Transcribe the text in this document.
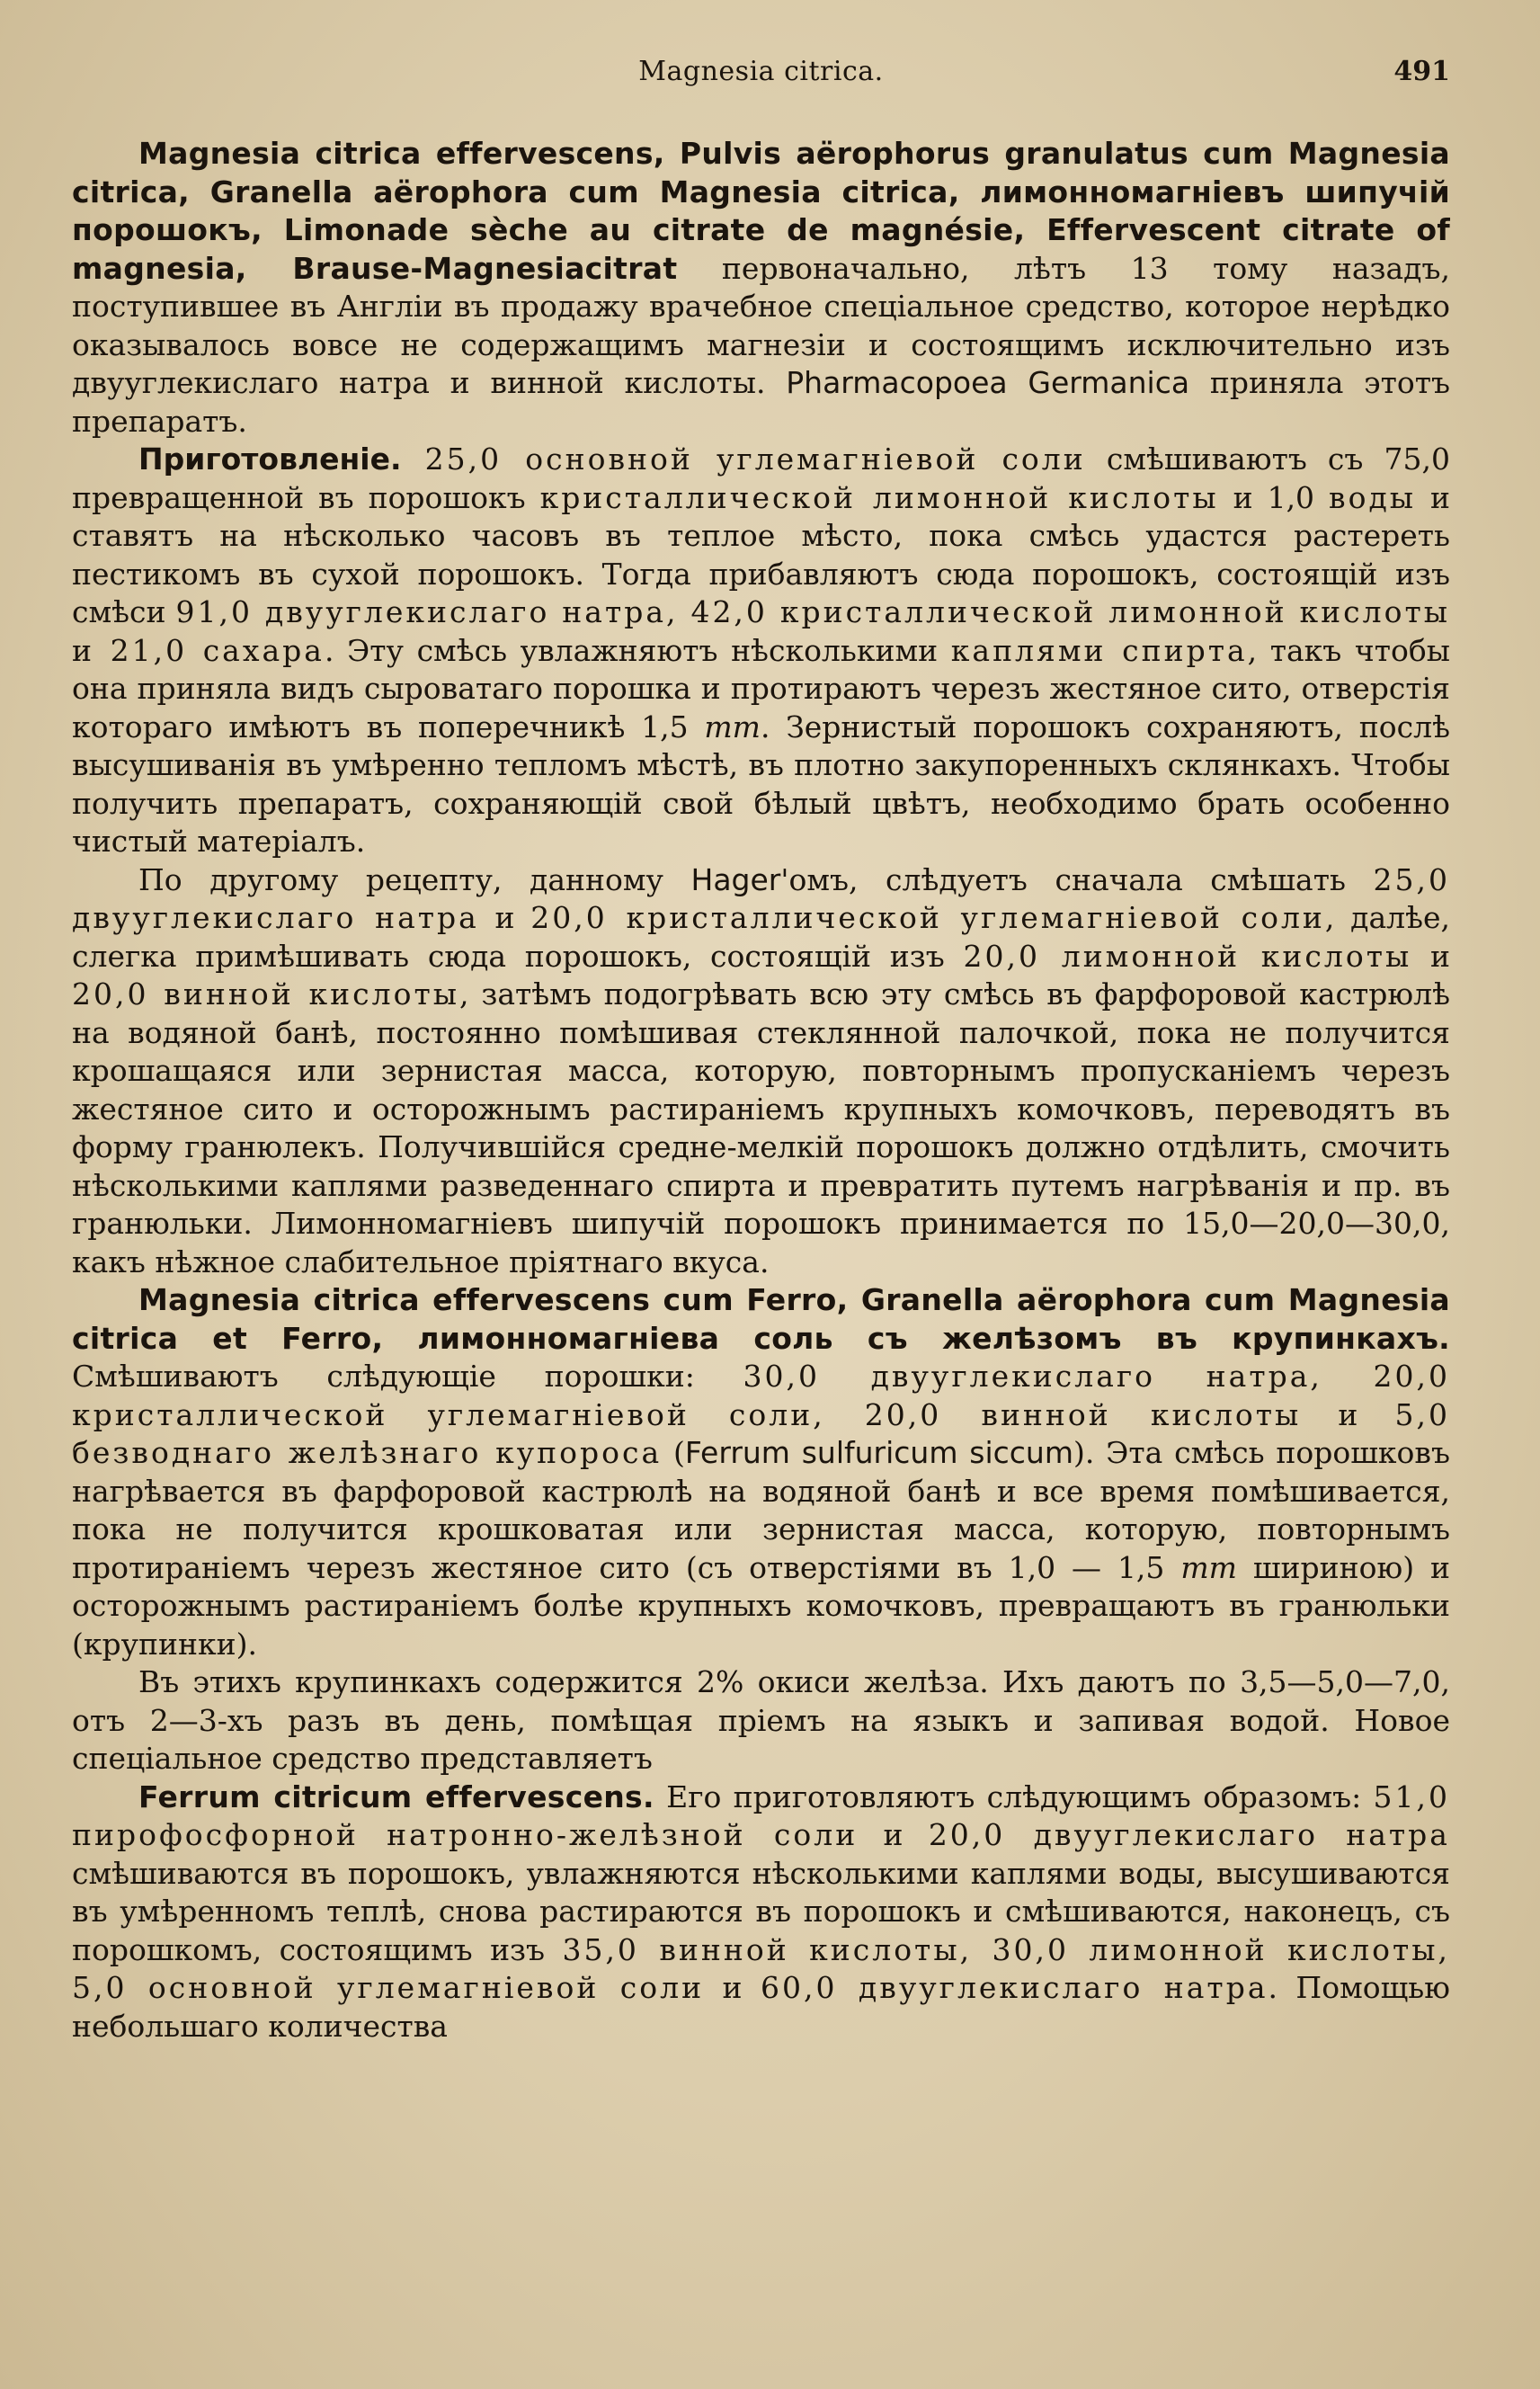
Magnesia citrica.	491

Magnesia citrica effervescens, Pulvis aërophorus granulatus cum Magnesia citrica, Granella aërophora cum Magnesia citrica, лимонномагнiевъ шипучiй порошокъ, Limonade sèche au citrate de magnésie, Effervescent citrate of magnesia, Brause-Magnesiacitrat первоначально, лѣтъ 13 тому назадъ, поступившее въ Англiи въ продажу врачебное спецiальное средство, которое нерѣдко оказывалось вовсе не содержащимъ магнезiи и состоящимъ исключительно изъ двууглекислаго натра и винной кислоты. Pharmacopoea Germanica приняла этотъ препаратъ.

Приготовленiе. 25,0 основной углемагнiевой соли смѣшиваютъ съ 75,0 превращенной въ порошокъ кристаллической лимонной кислоты и 1,0 воды и ставятъ на нѣсколько часовъ въ теплое мѣсто, пока смѣсь удастся растереть пестикомъ въ сухой порошокъ. Тогда прибавляютъ сюда порошокъ, состоящiй изъ смѣси 91,0 двууглекислаго натра, 42,0 кристаллической лимонной кислоты и 21,0 сахара. Эту смѣсь увлажняютъ нѣсколькими каплями спирта, такъ чтобы она приняла видъ сыроватаго порошка и протираютъ черезъ жестяное сито, отверстiя котораго имѣютъ въ поперечникѣ 1,5 mm. Зернистый порошокъ сохраняютъ, послѣ высушиванiя въ умѣренно тепломъ мѣстѣ, въ плотно закупоренныхъ склянкахъ. Чтобы получить препаратъ, сохраняющiй свой бѣлый цвѣтъ, необходимо брать особенно чистый матерiалъ.

По другому рецепту, данному Hager'омъ, слѣдуетъ сначала смѣшать 25,0 двууглекислаго натра и 20,0 кристаллической углемагнiевой соли, далѣе, слегка примѣшивать сюда порошокъ, состоящiй изъ 20,0 лимонной кислоты и 20,0 винной кислоты, затѣмъ подогрѣвать всю эту смѣсь въ фарфоровой кастрюлѣ на водяной банѣ, постоянно помѣшивая стеклянной палочкой, пока не получится крошащаяся или зернистая масса, которую, повторнымъ пропусканiемъ черезъ жестяное сито и осторожнымъ растиранiемъ крупныхъ комочковъ, переводятъ въ форму гранюлекъ. Получившiйся средне-мелкiй порошокъ должно отдѣлить, смочить нѣсколькими каплями разведеннаго спирта и превратить путемъ нагрѣванiя и пр. въ гранюльки. Лимонномагнiевъ шипучiй порошокъ принимается по 15,0—20,0—30,0, какъ нѣжное слабительное прiятнаго вкуса.

Magnesia citrica effervescens cum Ferro, Granella aërophora cum Magnesia citrica et Ferro, лимонномагнiева соль съ желѣзомъ въ крупинкахъ. Смѣшиваютъ слѣдующiе порошки: 30,0 двууглекислаго натра, 20,0 кристаллической углемагнiевой соли, 20,0 винной кислоты и 5,0 безводнаго желѣзнаго купороса (Ferrum sulfuricum siccum). Эта смѣсь порошковъ нагрѣвается въ фарфоровой кастрюлѣ на водяной банѣ и все время помѣшивается, пока не получится крошковатая или зернистая масса, которую, повторнымъ протиранiемъ черезъ жестяное сито (съ отверстiями въ 1,0 — 1,5 mm шириною) и осторожнымъ растиранiемъ болѣе крупныхъ комочковъ, превращаютъ въ гранюльки (крупинки).

Въ этихъ крупинкахъ содержится 2% окиси желѣза. Ихъ даютъ по 3,5—5,0—7,0, отъ 2—3-хъ разъ въ день, помѣщая прiемъ на языкъ и запивая водой. Новое спецiальное средство представляетъ

Ferrum citricum effervescens. Его приготовляютъ слѣдующимъ образомъ: 51,0 пирофосфорной натронно-желѣзной соли и 20,0 двууглекислаго натра смѣшиваются въ порошокъ, увлажняются нѣсколькими каплями воды, высушиваются въ умѣренномъ теплѣ, снова растираются въ порошокъ и смѣшиваются, наконецъ, съ порошкомъ, состоящимъ изъ 35,0 винной кислоты, 30,0 лимонной кислоты, 5,0 основной углемагнiевой соли и 60,0 двууглекислаго натра. Помощью небольшаго количества
